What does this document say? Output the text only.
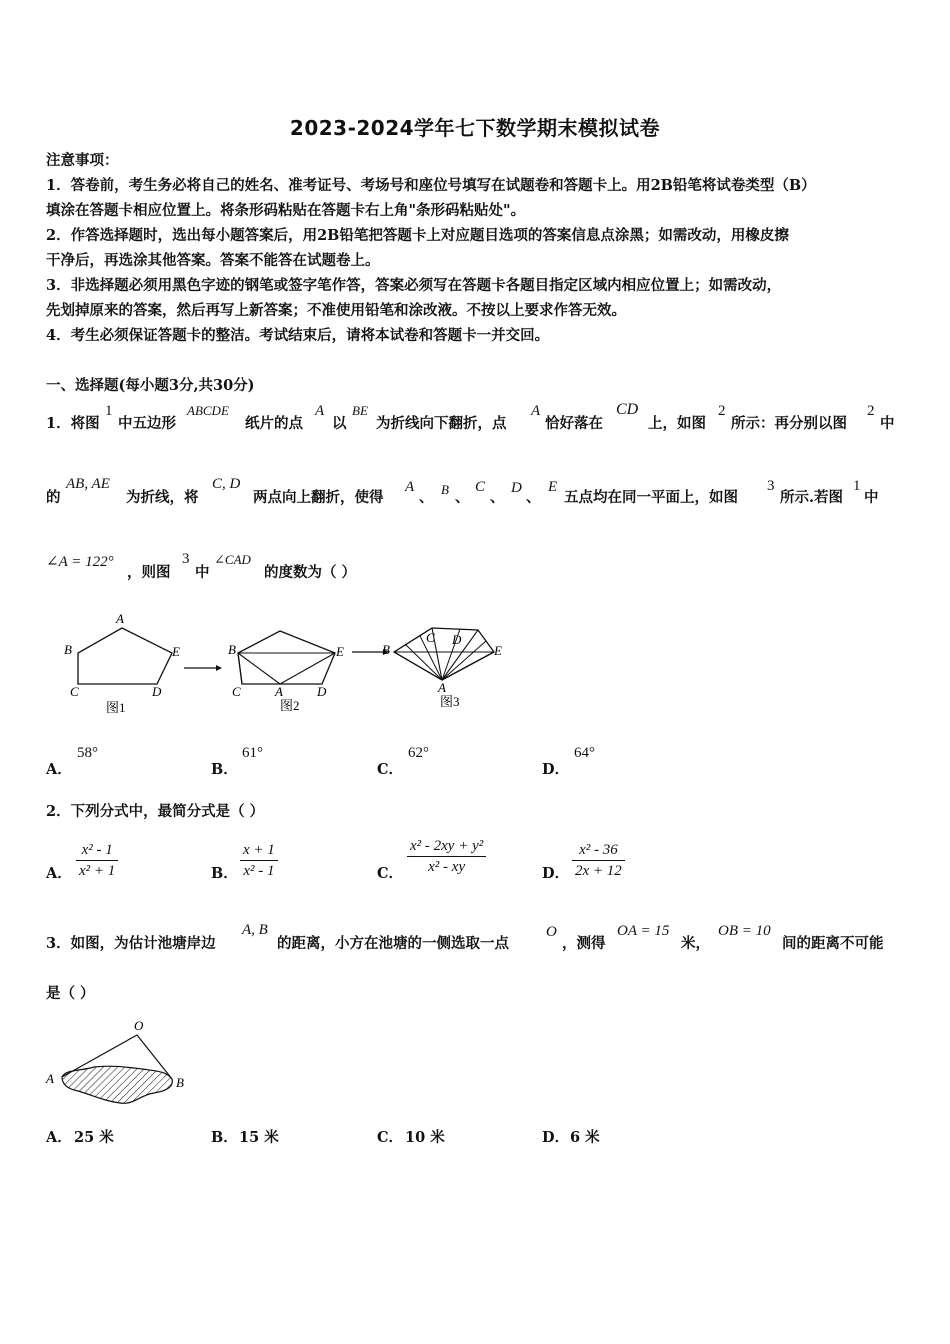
2023-2024学年七下数学期末模拟试卷
注意事项：
1．答卷前，考生务必将自己的姓名、准考证号、考场号和座位号填写在试题卷和答题卡上。用2B铅笔将试卷类型（B）
填涂在答题卡相应位置上。将条形码粘贴在答题卡右上角"条形码粘贴处"。
2．作答选择题时，选出每小题答案后，用2B铅笔把答题卡上对应题目选项的答案信息点涂黑；如需改动，用橡皮擦
干净后，再选涂其他答案。答案不能答在试题卷上。
3．非选择题必须用黑色字迹的钢笔或签字笔作答，答案必须写在答题卡各题目指定区域内相应位置上；如需改动，
先划掉原来的答案，然后再写上新答案；不准使用铅笔和涂改液。不按以上要求作答无效。
4．考生必须保证答题卡的整洁。考试结束后，请将本试卷和答题卡一并交回。
一、选择题(每小题3分,共30分)
1．将图
1
中五边形
ABCDE
纸片的点
A
以
BE
为折线向下翻折，点
A
恰好落在
CD
上，如图
2
所示：再分别以图
2
中
的
AB, AE
为折线，将
C, D
两点向上翻折，使得
A
、 B 、
C
、
D
、
E
五点均在同一平面上，如图
3
所示.若图
1
中
∠A = 122°
，则图
3
中
∠CAD
的度数为（ ）
A
B
C	D
E
图1
B	E
C	A	D
图2
B
C D
E
A
图3
A．
58°
B．
61°
C．
62°
D．
64°
2．下列分式中，最简分式是（ ）
A． $\frac{\text{x² - 1}}{\text{x² + 1}}$	B． $\frac{x + 1}{\text{x² - 1}}$	C． $\frac{\text{x² - 2xy + y²}}{\text{x² - xy}}$	D． $\frac{\text{x² - 36}}{2x + 12}$
3．如图，为估计池塘岸边
A, B
的距离，小方在池塘的一侧选取一点
O
，测得
OA = 15
米，
OB = 10
间的距离不可能
是（ ）
O
A	B
A． 25 米	B． 15 米	C． 10 米	D． 6 米
